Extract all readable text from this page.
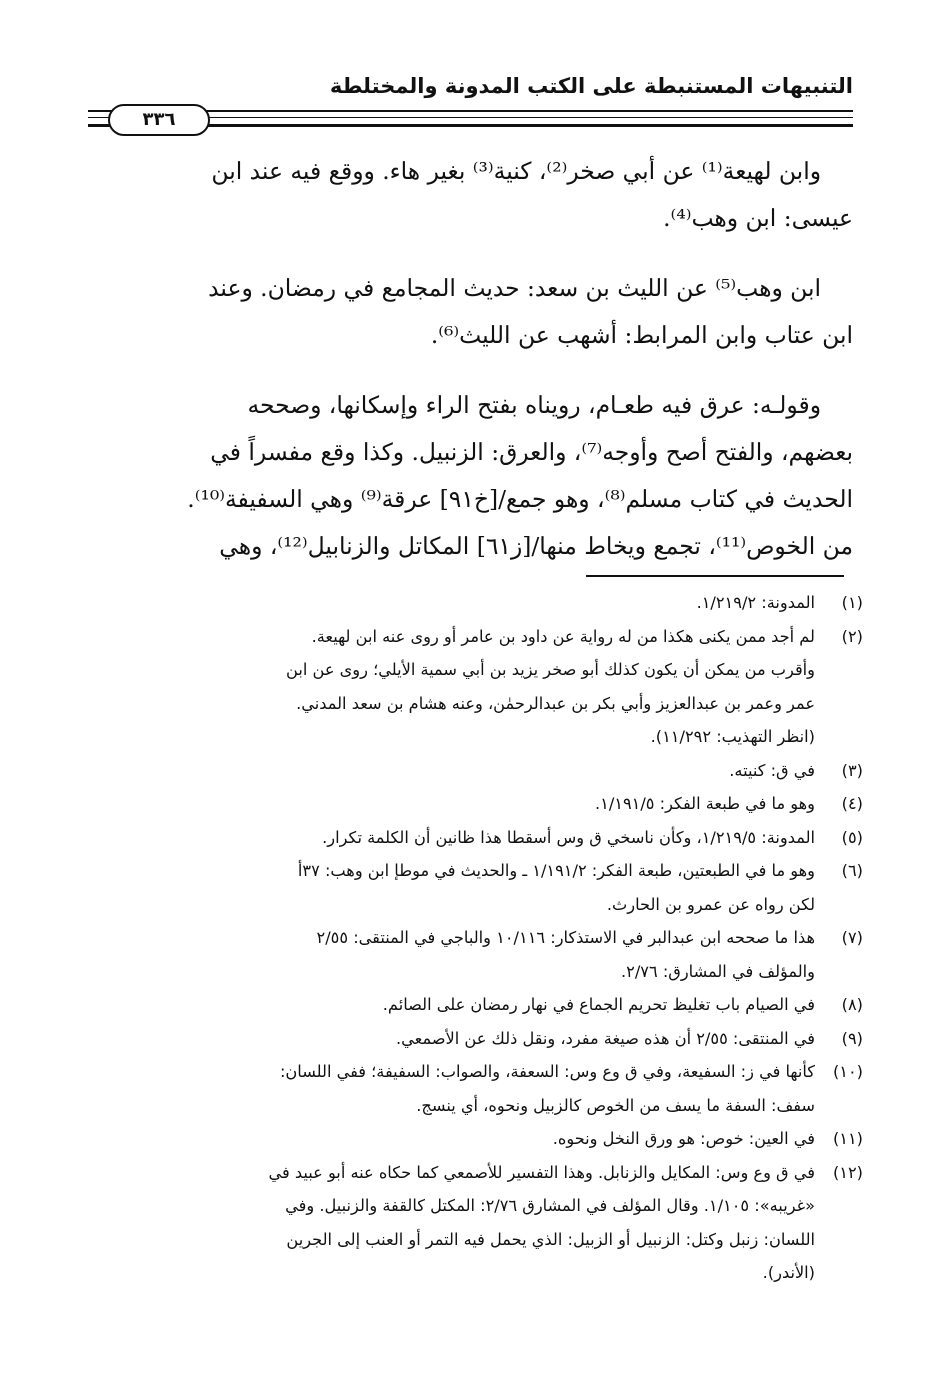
التنبيهات المستنبطة على الكتب المدونة والمختلطة
٣٣٦
وابن لهيعة⁽¹⁾ عن أبي صخر⁽²⁾، كنية⁽³⁾ بغير هاء. ووقع فيه عند ابن
عيسى: ابن وهب⁽⁴⁾.
ابن وهب⁽⁵⁾ عن الليث بن سعد: حديث المجامع في رمضان. وعند
ابن عتاب وابن المرابط: أشهب عن الليث⁽⁶⁾.
وقولـه: عرق فيه طعـام، رويناه بفتح الراء وإسكانها، وصححه
بعضهم، والفتح أصح وأوجه⁽⁷⁾، والعرق: الزنبيل. وكذا وقع مفسراً في
الحديث في كتاب مسلم⁽⁸⁾، وهو جمع/[خ٩١] عرقة⁽⁹⁾ وهي السفيفة⁽¹⁰⁾.
من الخوص⁽¹¹⁾، تجمع ويخاط منها/[ز٦١] المكاتل والزنابيل⁽¹²⁾، وهي
(١)
المدونة: ١/٢١٩/٢.
(٢)
لم أجد ممن يكنى هكذا من له رواية عن داود بن عامر أو روى عنه ابن لهيعة.
وأقرب من يمكن أن يكون كذلك أبو صخر يزيد بن أبي سمية الأيلي؛ روى عن ابن
عمر وعمر بن عبدالعزيز وأبي بكر بن عبدالرحمٰن، وعنه هشام بن سعد المدني.
(انظر التهذيب: ١١/٢٩٢).
(٣)
في ق: كنيته.
(٤)
وهو ما في طبعة الفكر: ١/١٩١/٥.
(٥)
المدونة: ١/٢١٩/٥، وكأن ناسخي ق وس أسقطا هذا ظانين أن الكلمة تكرار.
(٦)
وهو ما في الطبعتين، طبعة الفكر: ١/١٩١/٢ ـ والحديث في موطإ ابن وهب: ٣٧أ
لكن رواه عن عمرو بن الحارث.
(٧)
هذا ما صححه ابن عبدالبر في الاستذكار: ١٠/١١٦ والباجي في المنتقى: ٢/٥٥
والمؤلف في المشارق: ٢/٧٦.
(٨)
في الصيام باب تغليظ تحريم الجماع في نهار رمضان على الصائم.
(٩)
في المنتقى: ٢/٥٥ أن هذه صيغة مفرد، ونقل ذلك عن الأصمعي.
(١٠)
كأنها في ز: السفيعة، وفي ق وع وس: السعفة، والصواب: السفيفة؛ ففي اللسان:
سفف: السفة ما يسف من الخوص كالزبيل ونحوه، أي ينسج.
(١١)
في العين: خوص: هو ورق النخل ونحوه.
(١٢)
في ق وع وس: المكايل والزنابل. وهذا التفسير للأصمعي كما حكاه عنه أبو عبيد في
«غريبه»: ١/١٠٥. وقال المؤلف في المشارق ٢/٧٦: المكتل كالقفة والزنبيل. وفي
اللسان: زنبل وكتل: الزنبيل أو الزبيل: الذي يحمل فيه التمر أو العنب إلى الجرين
(الأندر).
